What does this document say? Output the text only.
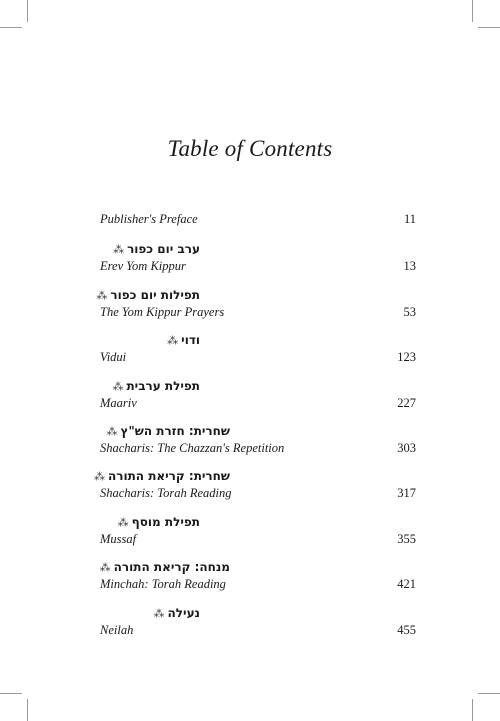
Table of Contents
Publisher's Preface	11
ערב יום כפור⁂
Erev Yom Kippur	13
תפילות יום כפור⁂
The Yom Kippur Prayers	53
ודוי⁂
Vidui	123
תפילת ערבית⁂
Maariv	227
שחרית: חזרת הש"ץ⁂
Shacharis: The Chazzan's Repetition	303
שחרית: קריאת התורה⁂
Shacharis: Torah Reading	317
תפילת מוסף⁂
Mussaf	355
מנחה: קריאת התורה⁂
Minchah: Torah Reading	421
נעילה⁂
Neilah	455
